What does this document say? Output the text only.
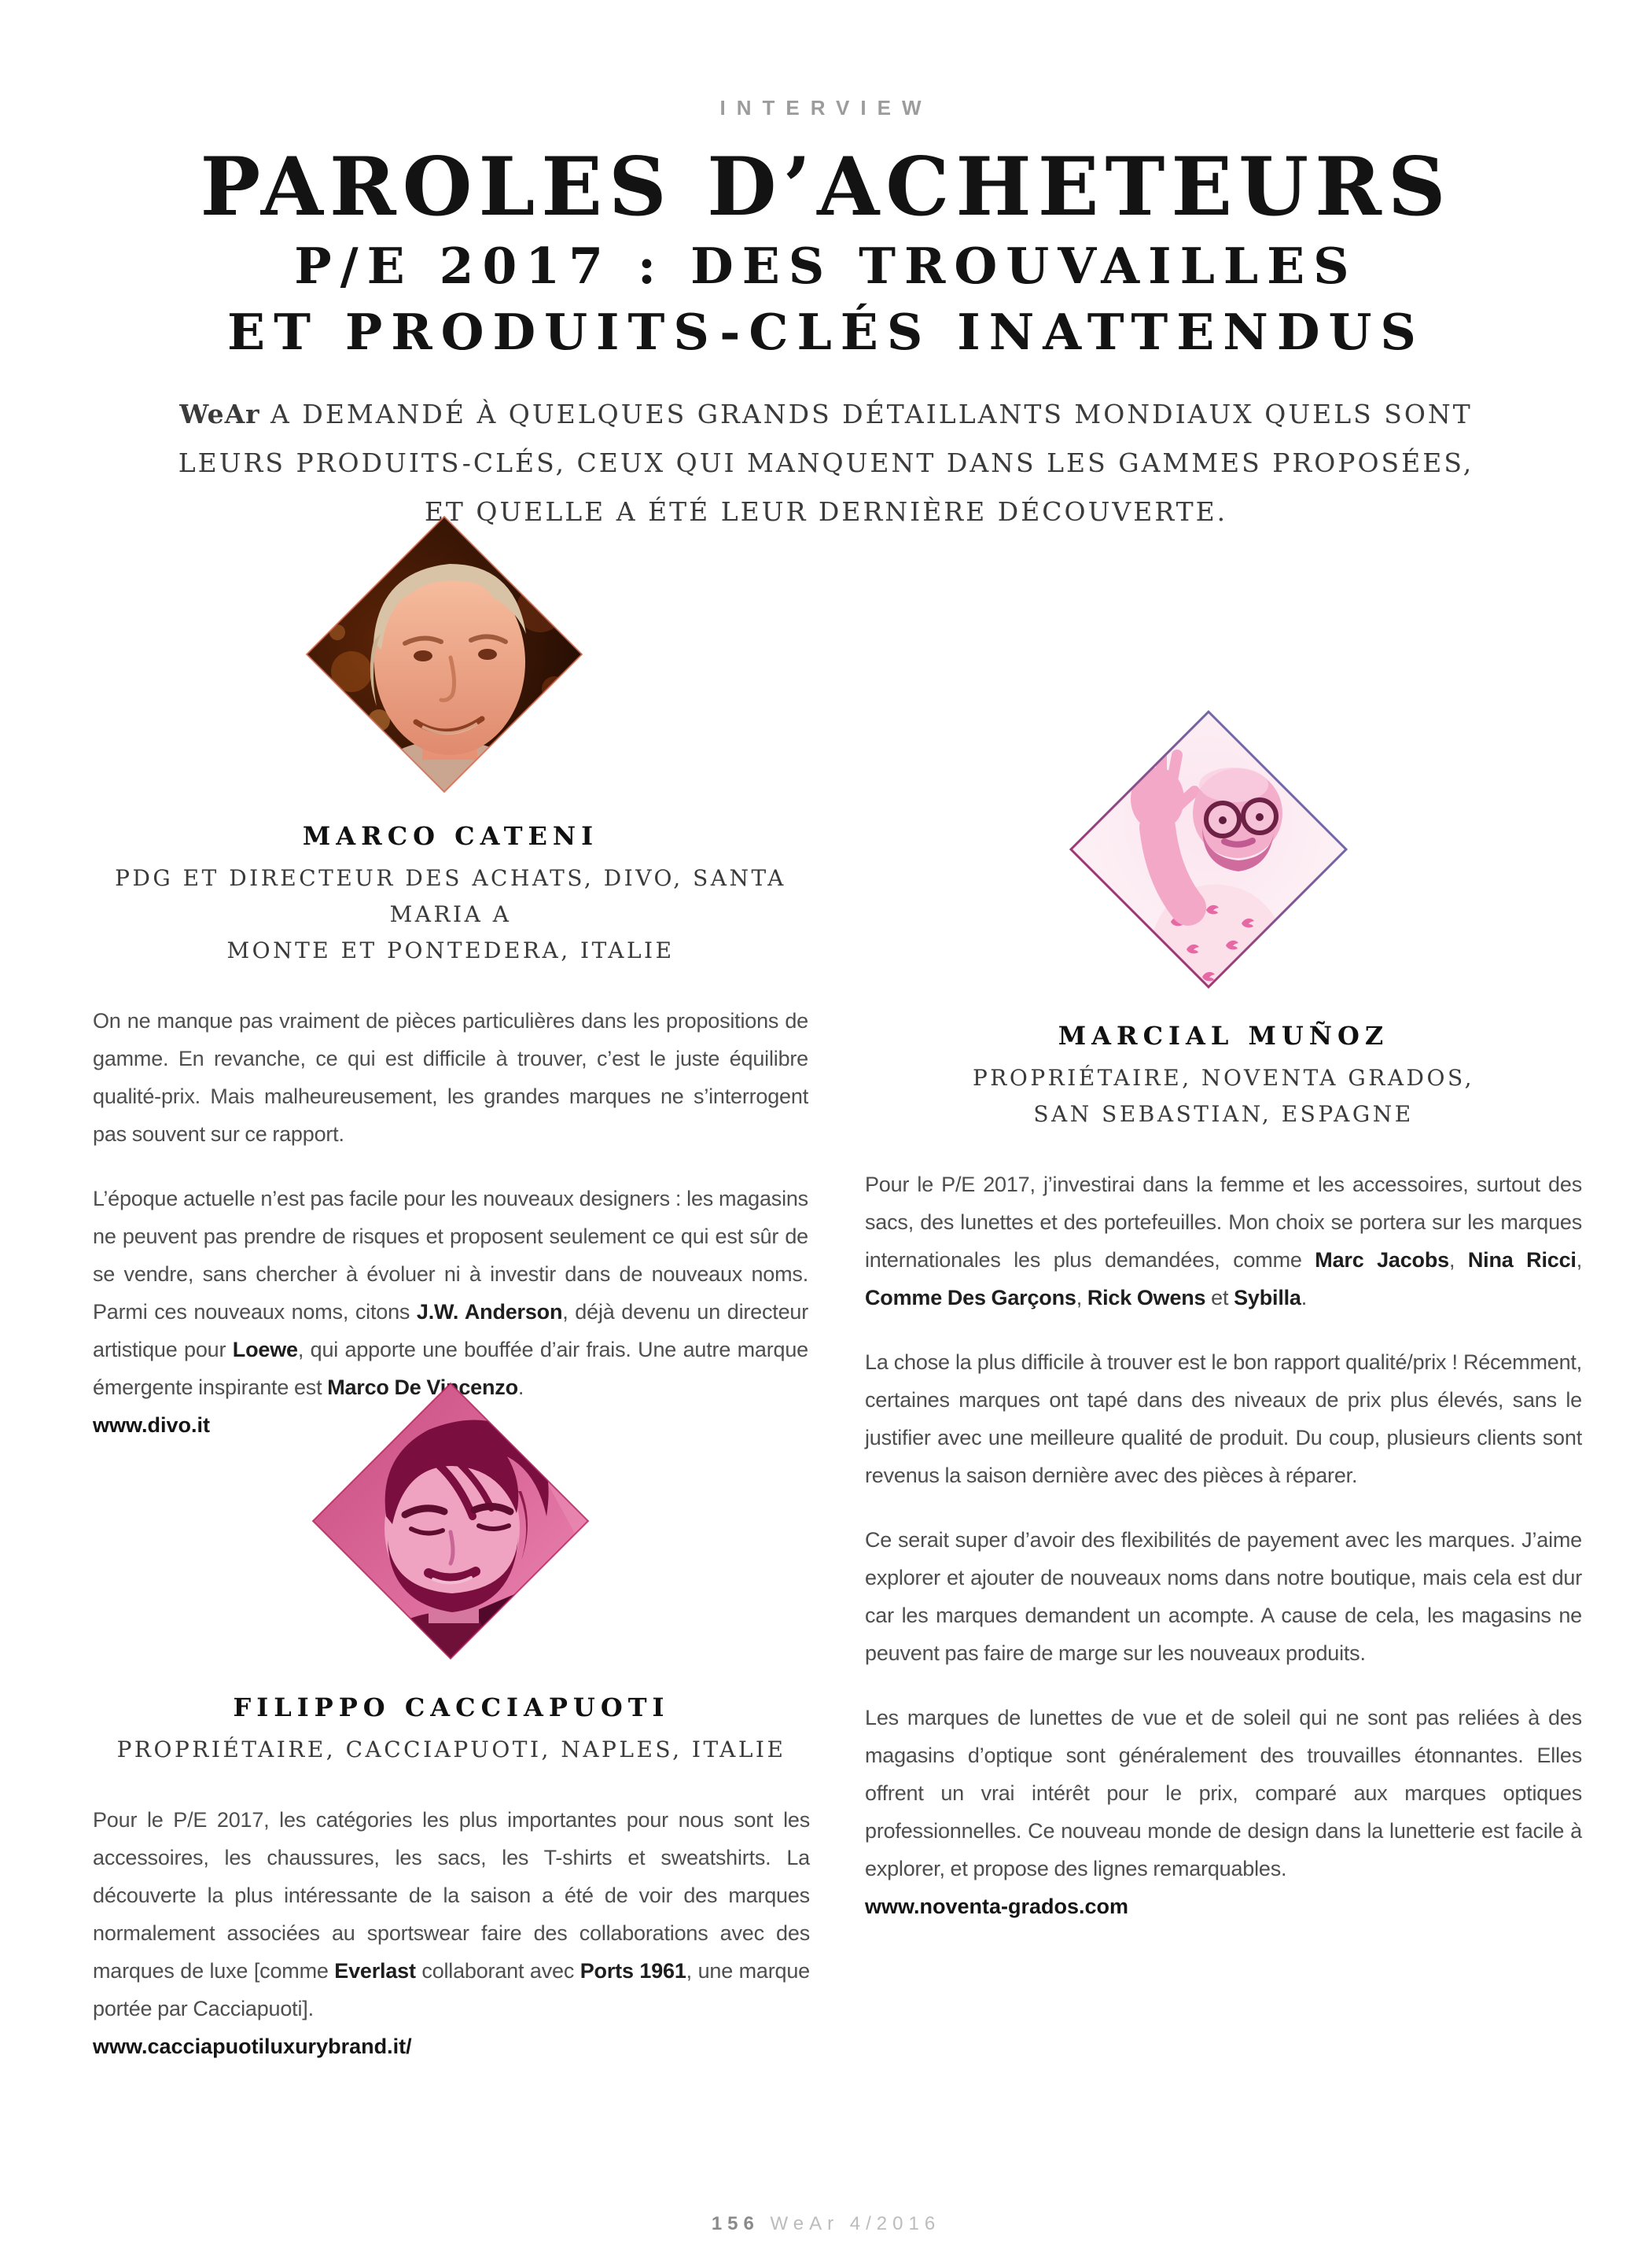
INTERVIEW
PAROLES D’ACHETEURS
P/E 2017 : DES TROUVAILLES
ET PRODUITS-CLÉS INATTENDUS
WeAr A DEMANDÉ À QUELQUES GRANDS DÉTAILLANTS MONDIAUX QUELS SONT
LEURS PRODUITS-CLÉS, CEUX QUI MANQUENT DANS LES GAMMES PROPOSÉES,
ET QUELLE A ÉTÉ LEUR DERNIÈRE DÉCOUVERTE.
MARCO CATENI
PDG ET DIRECTEUR DES ACHATS, DIVO, SANTA MARIA A
MONTE ET PONTEDERA, ITALIE

On ne manque pas vraiment de pièces particulières dans les propositions de gamme. En revanche, ce qui est difficile à trouver, c’est le juste équilibre qualité-prix. Mais malheureusement, les grandes marques ne s’interrogent pas souvent sur ce rapport.

L’époque actuelle n’est pas facile pour les nouveaux designers : les magasins ne peuvent pas prendre de risques et proposent seulement ce qui est sûr de se vendre, sans chercher à évoluer ni à investir dans de nouveaux noms. Parmi ces nouveaux noms, citons J.W. Anderson, déjà devenu un directeur artistique pour Loewe, qui apporte une bouffée d’air frais. Une autre marque émergente inspirante est Marco De Vincenzo.

www.divo.it
MARCIAL MUÑOZ
PROPRIÉTAIRE, NOVENTA GRADOS,
SAN SEBASTIAN, ESPAGNE

Pour le P/E 2017, j’investirai dans la femme et les accessoires, surtout des sacs, des lunettes et des portefeuilles. Mon choix se portera sur les marques internationales les plus demandées, comme Marc Jacobs, Nina Ricci, Comme Des Garçons, Rick Owens et Sybilla.

La chose la plus difficile à trouver est le bon rapport qualité/prix ! Récemment, certaines marques ont tapé dans des niveaux de prix plus élevés, sans le justifier avec une meilleure qualité de produit. Du coup, plusieurs clients sont revenus la saison dernière avec des pièces à réparer.

Ce serait super d’avoir des flexibilités de payement avec les marques. J’aime explorer et ajouter de nouveaux noms dans notre boutique, mais cela est dur car les marques demandent un acompte. A cause de cela, les magasins ne peuvent pas faire de marge sur les nouveaux produits.

Les marques de lunettes de vue et de soleil qui ne sont pas reliées à des magasins d’optique sont généralement des trouvailles étonnantes. Elles offrent un vrai intérêt pour le prix, comparé aux marques optiques professionnelles. Ce nouveau monde de design dans la lunetterie est facile à explorer, et propose des lignes remarquables.

www.noventa-grados.com
FILIPPO CACCIAPUOTI
PROPRIÉTAIRE, CACCIAPUOTI, NAPLES, ITALIE

Pour le P/E 2017, les catégories les plus importantes pour nous sont les accessoires, les chaussures, les sacs, les T-shirts et sweatshirts. La découverte la plus intéressante de la saison a été de voir des marques normalement associées au sportswear faire des collaborations avec des marques de luxe [comme Everlast collaborant avec Ports 1961, une marque portée par Cacciapuoti].

www.cacciapuotiluxurybrand.it/
156 WeAr 4/2016
